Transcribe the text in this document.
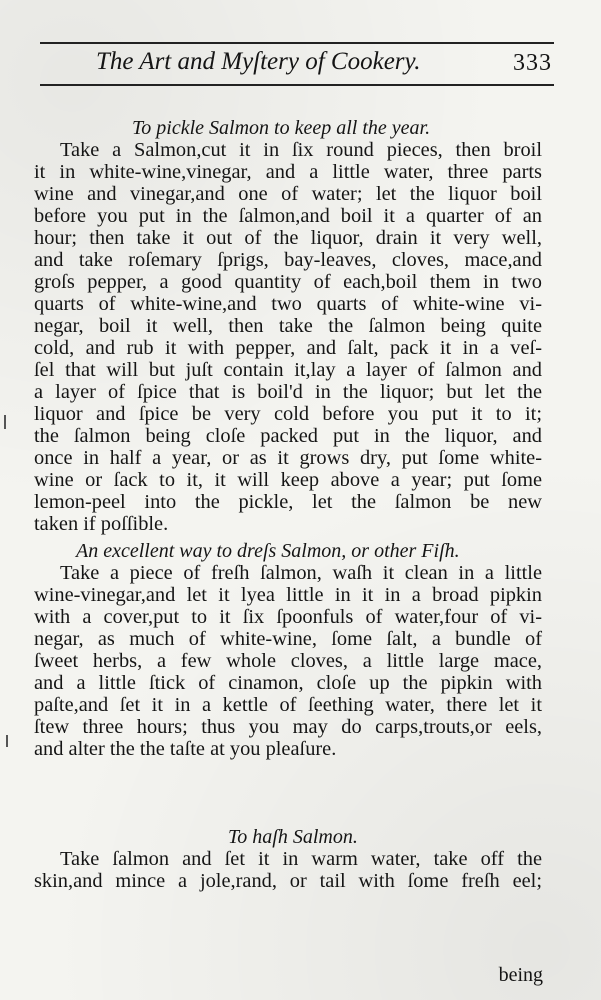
The Art and Myſtery of Cookery.	333
To pickle Salmon to keep all the year.
Take a Salmon,cut it in ſix round pieces, then broil
it in white-wine,vinegar, and a little water, three parts
wine and vinegar,and one of water; let the liquor boil
before you put in the ſalmon,and boil it a quarter of an
hour; then take it out of the liquor, drain it very well,
and take roſemary ſprigs, bay-leaves, cloves, mace,and
groſs pepper, a good quantity of each,boil them in two
quarts of white-wine,and two quarts of white-wine vi-
negar, boil it well, then take the ſalmon being quite
cold, and rub it with pepper, and ſalt, pack it in a veſ-
ſel that will but juſt contain it,lay a layer of ſalmon and
a layer of ſpice that is boil'd in the liquor; but let the
liquor and ſpice be very cold before you put it to it;
the ſalmon being cloſe packed put in the liquor, and
once in half a year, or as it grows dry, put ſome white-
wine or ſack to it, it will keep above a year; put ſome
lemon-peel into the pickle, let the ſalmon be new
taken if poſſible.
An excellent way to dreſs Salmon, or other Fiſh.
Take a piece of freſh ſalmon, waſh it clean in a little
wine-vinegar,and let it lyea little in it in a broad pipkin
with a cover,put to it ſix ſpoonfuls of water,four of vi-
negar, as much of white-wine, ſome ſalt, a bundle of
ſweet herbs, a few whole cloves, a little large mace,
and a little ſtick of cinamon, cloſe up the pipkin with
paſte,and ſet it in a kettle of ſeething water, there let it
ſtew three hours; thus you may do carps,trouts,or eels,
and alter the the taſte at you pleaſure.
To haſh Salmon.
Take ſalmon and ſet it in warm water, take off the
skin,and mince a jole,rand, or tail with ſome freſh eel;
being
